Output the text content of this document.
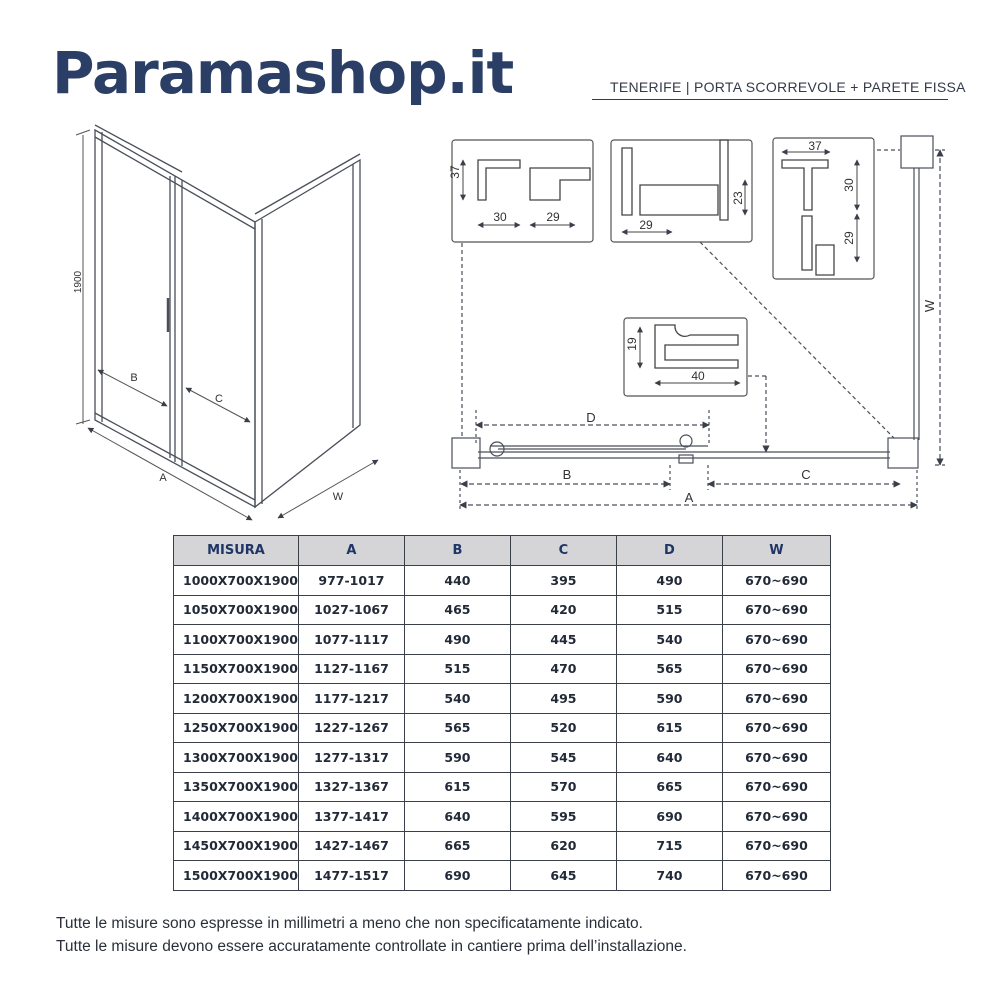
Paramashop.it	TENERIFE | PORTA SCORREVOLE + PARETE FISSA

1900
B
C
A
W
37
30	29
23
29
37
30
29
19
40
D
B	C
A
W
MISURA	A	B	C	D	W
1000X700X1900	977-1017	440	395	490	670~690
1050X700X1900	1027-1067	465	420	515	670~690
1100X700X1900	1077-1117	490	445	540	670~690
1150X700X1900	1127-1167	515	470	565	670~690
1200X700X1900	1177-1217	540	495	590	670~690
1250X700X1900	1227-1267	565	520	615	670~690
1300X700X1900	1277-1317	590	545	640	670~690
1350X700X1900	1327-1367	615	570	665	670~690
1400X700X1900	1377-1417	640	595	690	670~690
1450X700X1900	1427-1467	665	620	715	670~690
1500X700X1900	1477-1517	690	645	740	670~690

Tutte le misure sono espresse in millimetri a meno che non specificatamente indicato.

Tutte le misure devono essere accuratamente controllate in cantiere prima dell’installazione.
